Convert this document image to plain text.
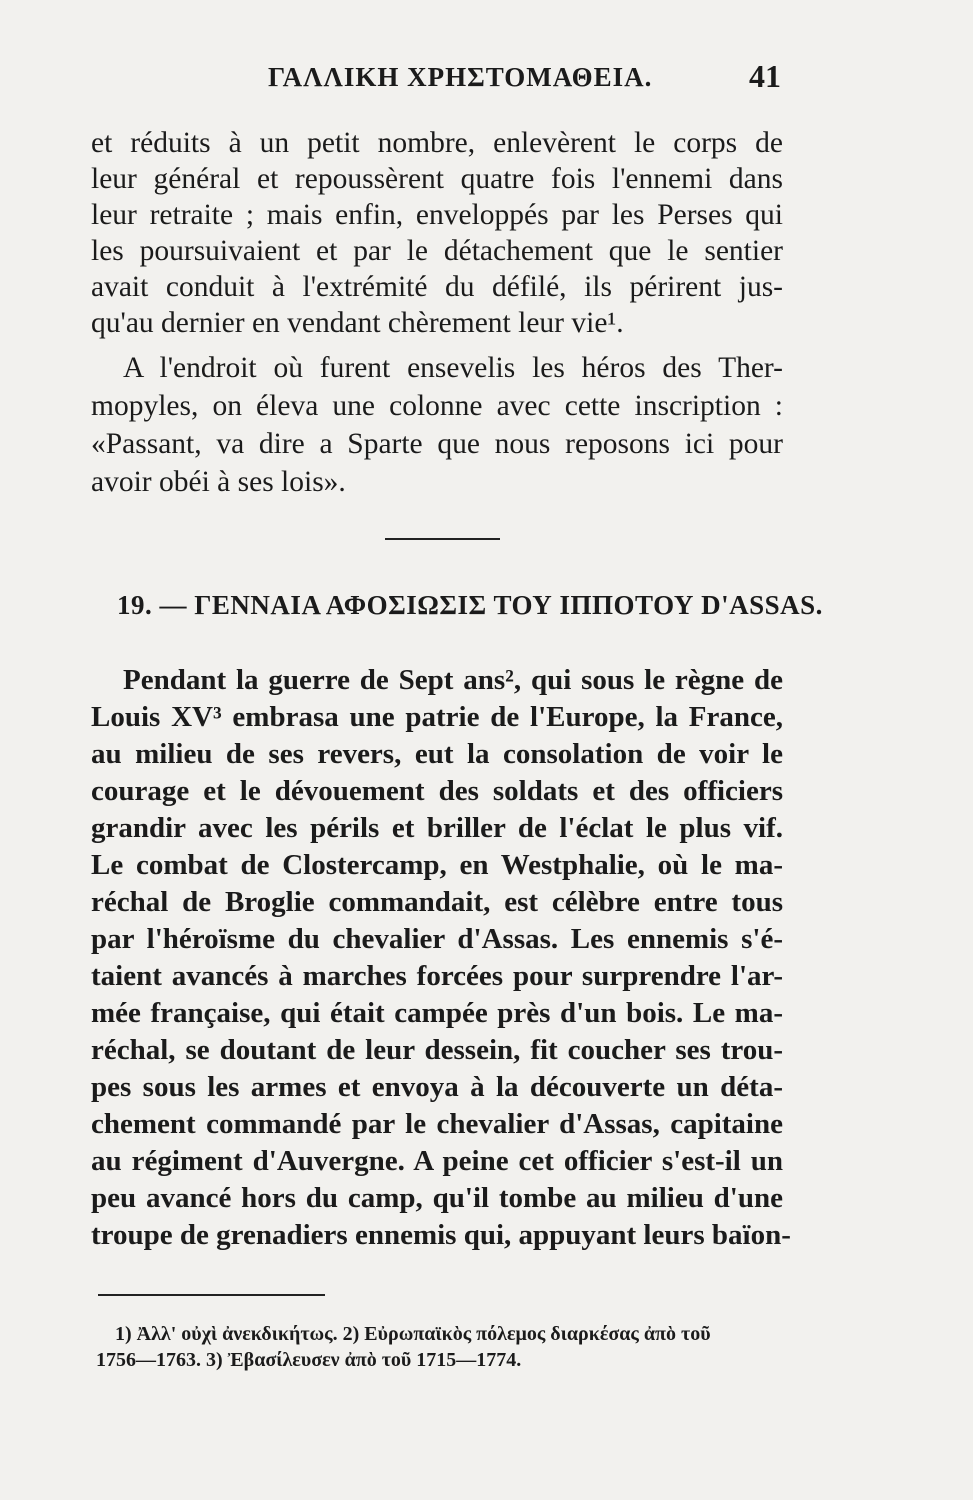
ΓΑΛΛΙΚΗ ΧΡΗΣΤΟΜΑΘΕΙΑ.	41
et réduits à un petit nombre, enlevèrent le corps de
leur général et repoussèrent quatre fois l'ennemi dans
leur retraite ; mais enfin, enveloppés par les Perses qui
les poursuivaient et par le détachement que le sentier
avait conduit à l'extrémité du défilé, ils périrent jus-
qu'au dernier en vendant chèrement leur vie¹.
A l'endroit où furent ensevelis les héros des Ther-
mopyles, on éleva une colonne avec cette inscription :
«Passant, va dire a Sparte que nous reposons ici pour
avoir obéi à ses lois».
19. — ΓΕΝΝΑΙΑ ΑΦΟΣΙΩΣΙΣ ΤΟΥ ΙΠΠΟΤΟΥ D'ASSAS.
Pendant la guerre de Sept ans², qui sous le règne de
Louis XV³ embrasa une patrie de l'Europe, la France,
au milieu de ses revers, eut la consolation de voir le
courage et le dévouement des soldats et des officiers
grandir avec les périls et briller de l'éclat le plus vif.
Le combat de Clostercamp, en Westphalie, où le ma-
réchal de Broglie commandait, est célèbre entre tous
par l'héroïsme du chevalier d'Assas. Les ennemis s'é-
taient avancés à marches forcées pour surprendre l'ar-
mée française, qui était campée près d'un bois. Le ma-
réchal, se doutant de leur dessein, fit coucher ses trou-
pes sous les armes et envoya à la découverte un déta-
chement commandé par le chevalier d'Assas, capitaine
au régiment d'Auvergne. A peine cet officier s'est-il un
peu avancé hors du camp, qu'il tombe au milieu d'une
troupe de grenadiers ennemis qui, appuyant leurs baïon-
1) Ἀλλ' οὐχὶ ἀνεκδικήτως. 2) Εὐρωπαϊκὸς πόλεμος διαρκέσας ἀπὸ τοῦ
1756—1763. 3) Ἐβασίλευσεν ἀπὸ τοῦ 1715—1774.
